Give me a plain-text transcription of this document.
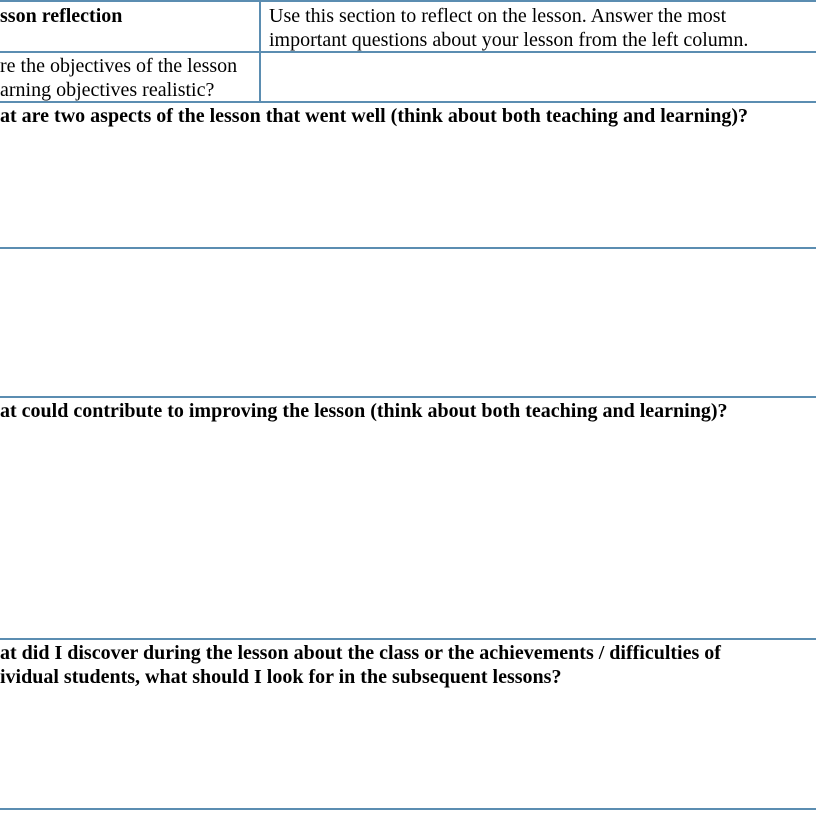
sson reflection	Use this section to reflect on the lesson. Answer the most
important questions about your lesson from the left column.
re the objectives of the lesson
arning objectives realistic?
at are two aspects of the lesson that went well (think about both teaching and learning)?
at could contribute to improving the lesson (think about both teaching and learning)?
at did I discover during the lesson about the class or the achievements / difficulties of
ividual students, what should I look for in the subsequent lessons?
